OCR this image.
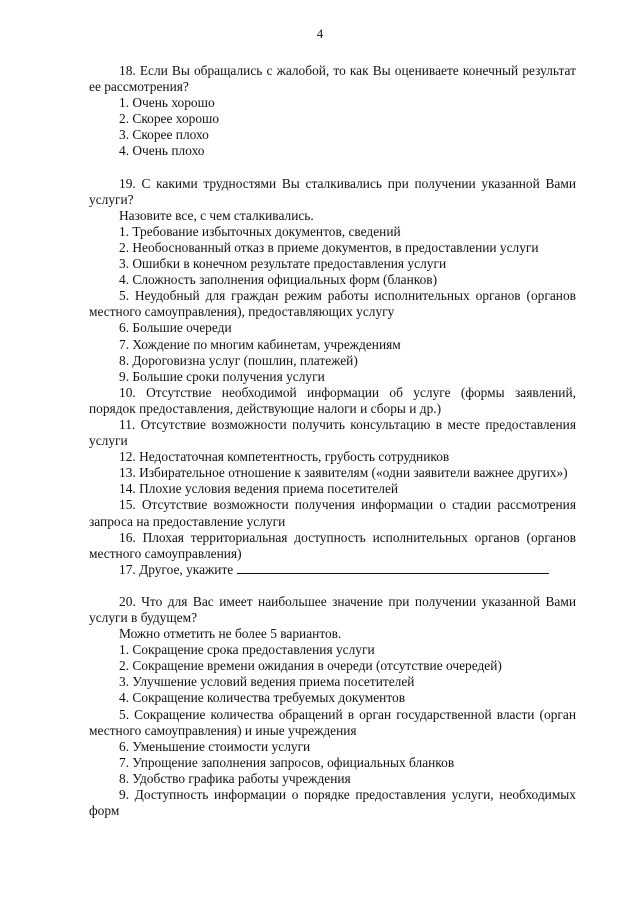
4

18. Если Вы обращались с жалобой, то как Вы оцениваете конечный результат ее рассмотрения?

1. Очень хорошо

2. Скорее хорошо

3. Скорее плохо

4. Очень плохо

19. С какими трудностями Вы сталкивались при получении указанной Вами услуги?

Назовите все, с чем сталкивались.

1. Требование избыточных документов, сведений

2. Необоснованный отказ в приеме документов, в предоставлении услуги

3. Ошибки в конечном результате предоставления услуги

4. Сложность заполнения официальных форм (бланков)

5. Неудобный для граждан режим работы исполнительных органов (органов местного самоуправления), предоставляющих услугу

6. Большие очереди

7. Хождение по многим кабинетам, учреждениям

8. Дороговизна услуг (пошлин, платежей)

9. Большие сроки получения услуги

10. Отсутствие необходимой информации об услуге (формы заявлений, порядок предоставления, действующие налоги и сборы и др.)

11. Отсутствие возможности получить консультацию в месте предоставления услуги

12. Недостаточная компетентность, грубость сотрудников

13. Избирательное отношение к заявителям («одни заявители важнее других»)

14. Плохие условия ведения приема посетителей

15. Отсутствие возможности получения информации о стадии рассмотрения запроса на предоставление услуги

16. Плохая территориальная доступность исполнительных органов (органов местного самоуправления)

17. Другое, укажите

20. Что для Вас имеет наибольшее значение при получении указанной Вами услуги в будущем?

Можно отметить не более 5 вариантов.

1. Сокращение срока предоставления услуги

2. Сокращение времени ожидания в очереди (отсутствие очередей)

3. Улучшение условий ведения приема посетителей

4. Сокращение количества требуемых документов

5. Сокращение количества обращений в орган государственной власти (орган местного самоуправления) и иные учреждения

6. Уменьшение стоимости услуги

7. Упрощение заполнения запросов, официальных бланков

8. Удобство графика работы учреждения

9. Доступность информации о порядке предоставления услуги, необходимых форм
